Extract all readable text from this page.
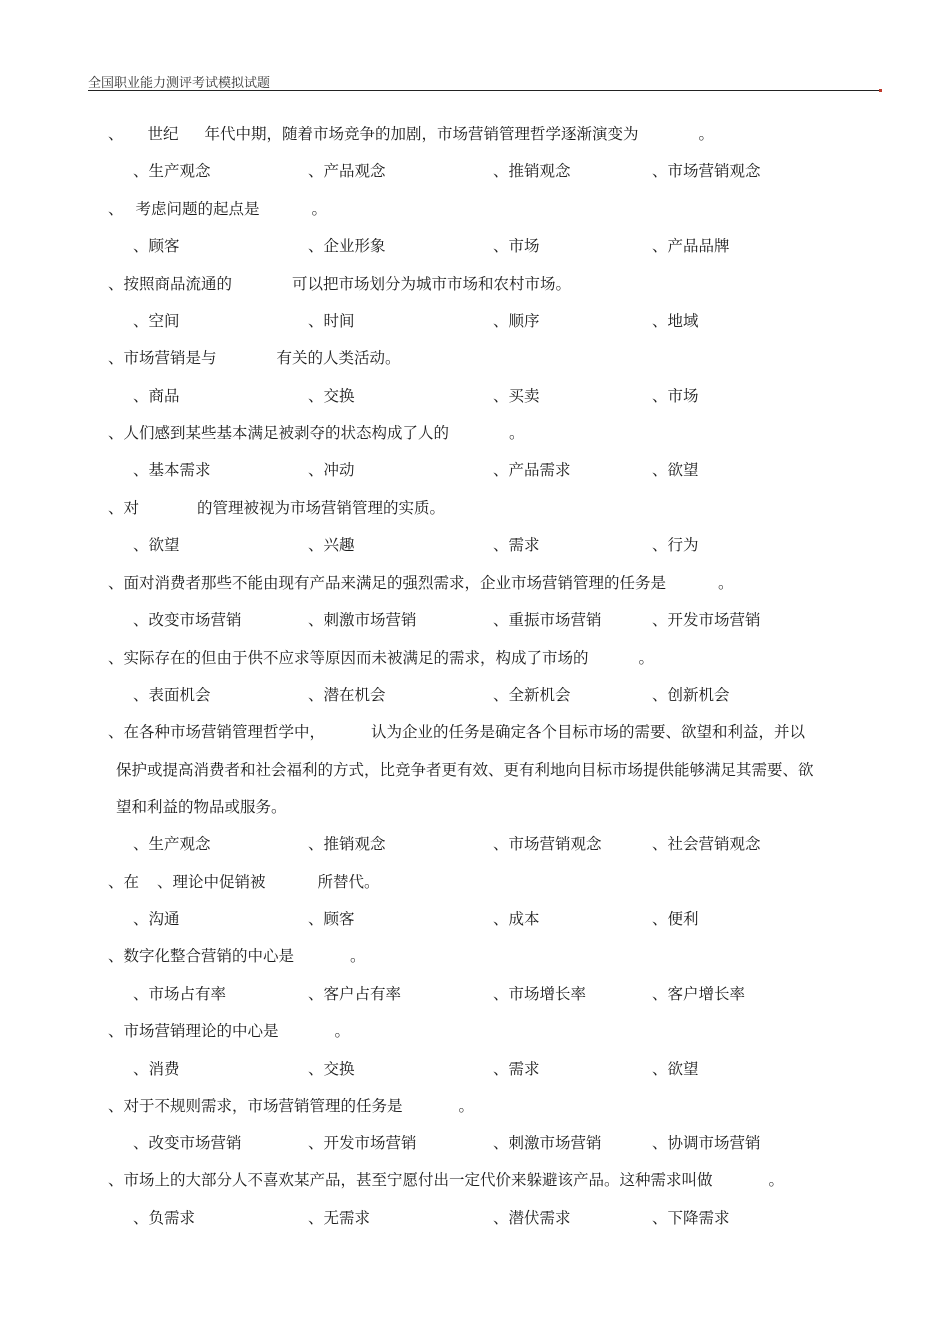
全国职业能力测评考试模拟试题
、 世纪 年代中期，随着市场竞争的加剧，市场营销管理哲学逐渐演变为	。
、生产观念	、产品观念	、推销观念	、市场营销观念
、 考虑问题的起点是	。
、顾客	、企业形象	、市场	、产品品牌
、按照商品流通的	可以把市场划分为城市市场和农村市场。
、空间	、时间	、顺序	、地域
、市场营销是与	有关的人类活动。
、商品	、交换	、买卖	、市场
、人们感到某些基本满足被剥夺的状态构成了人的	。
、基本需求	、冲动	、产品需求	、欲望
、对	的管理被视为市场营销管理的实质。
、欲望	、兴趣	、需求	、行为
、面对消费者那些不能由现有产品来满足的强烈需求，企业市场营销管理的任务是	。
、改变市场营销	、刺激市场营销	、重振市场营销	、开发市场营销
、实际存在的但由于供不应求等原因而未被满足的需求，构成了市场的	。
、表面机会	、潜在机会	、全新机会	、创新机会
、在各种市场营销管理哲学中，	认为企业的任务是确定各个目标市场的需要、欲望和利益，并以
保护或提高消费者和社会福利的方式，比竞争者更有效、更有利地向目标市场提供能够满足其需要、欲
望和利益的物品或服务。
、生产观念	、推销观念	、市场营销观念	、社会营销观念
、在 、理论中促销被	所替代。
、沟通	、顾客	、成本	、便利
、数字化整合营销的中心是	。
、市场占有率	、客户占有率	、市场增长率	、客户增长率
、市场营销理论的中心是	。
、消费	、交换	、需求	、欲望
、对于不规则需求，市场营销管理的任务是	。
、改变市场营销	、开发市场营销	、刺激市场营销	、协调市场营销
、市场上的大部分人不喜欢某产品，甚至宁愿付出一定代价来躲避该产品。这种需求叫做	。
、负需求	、无需求	、潜伏需求	、下降需求
